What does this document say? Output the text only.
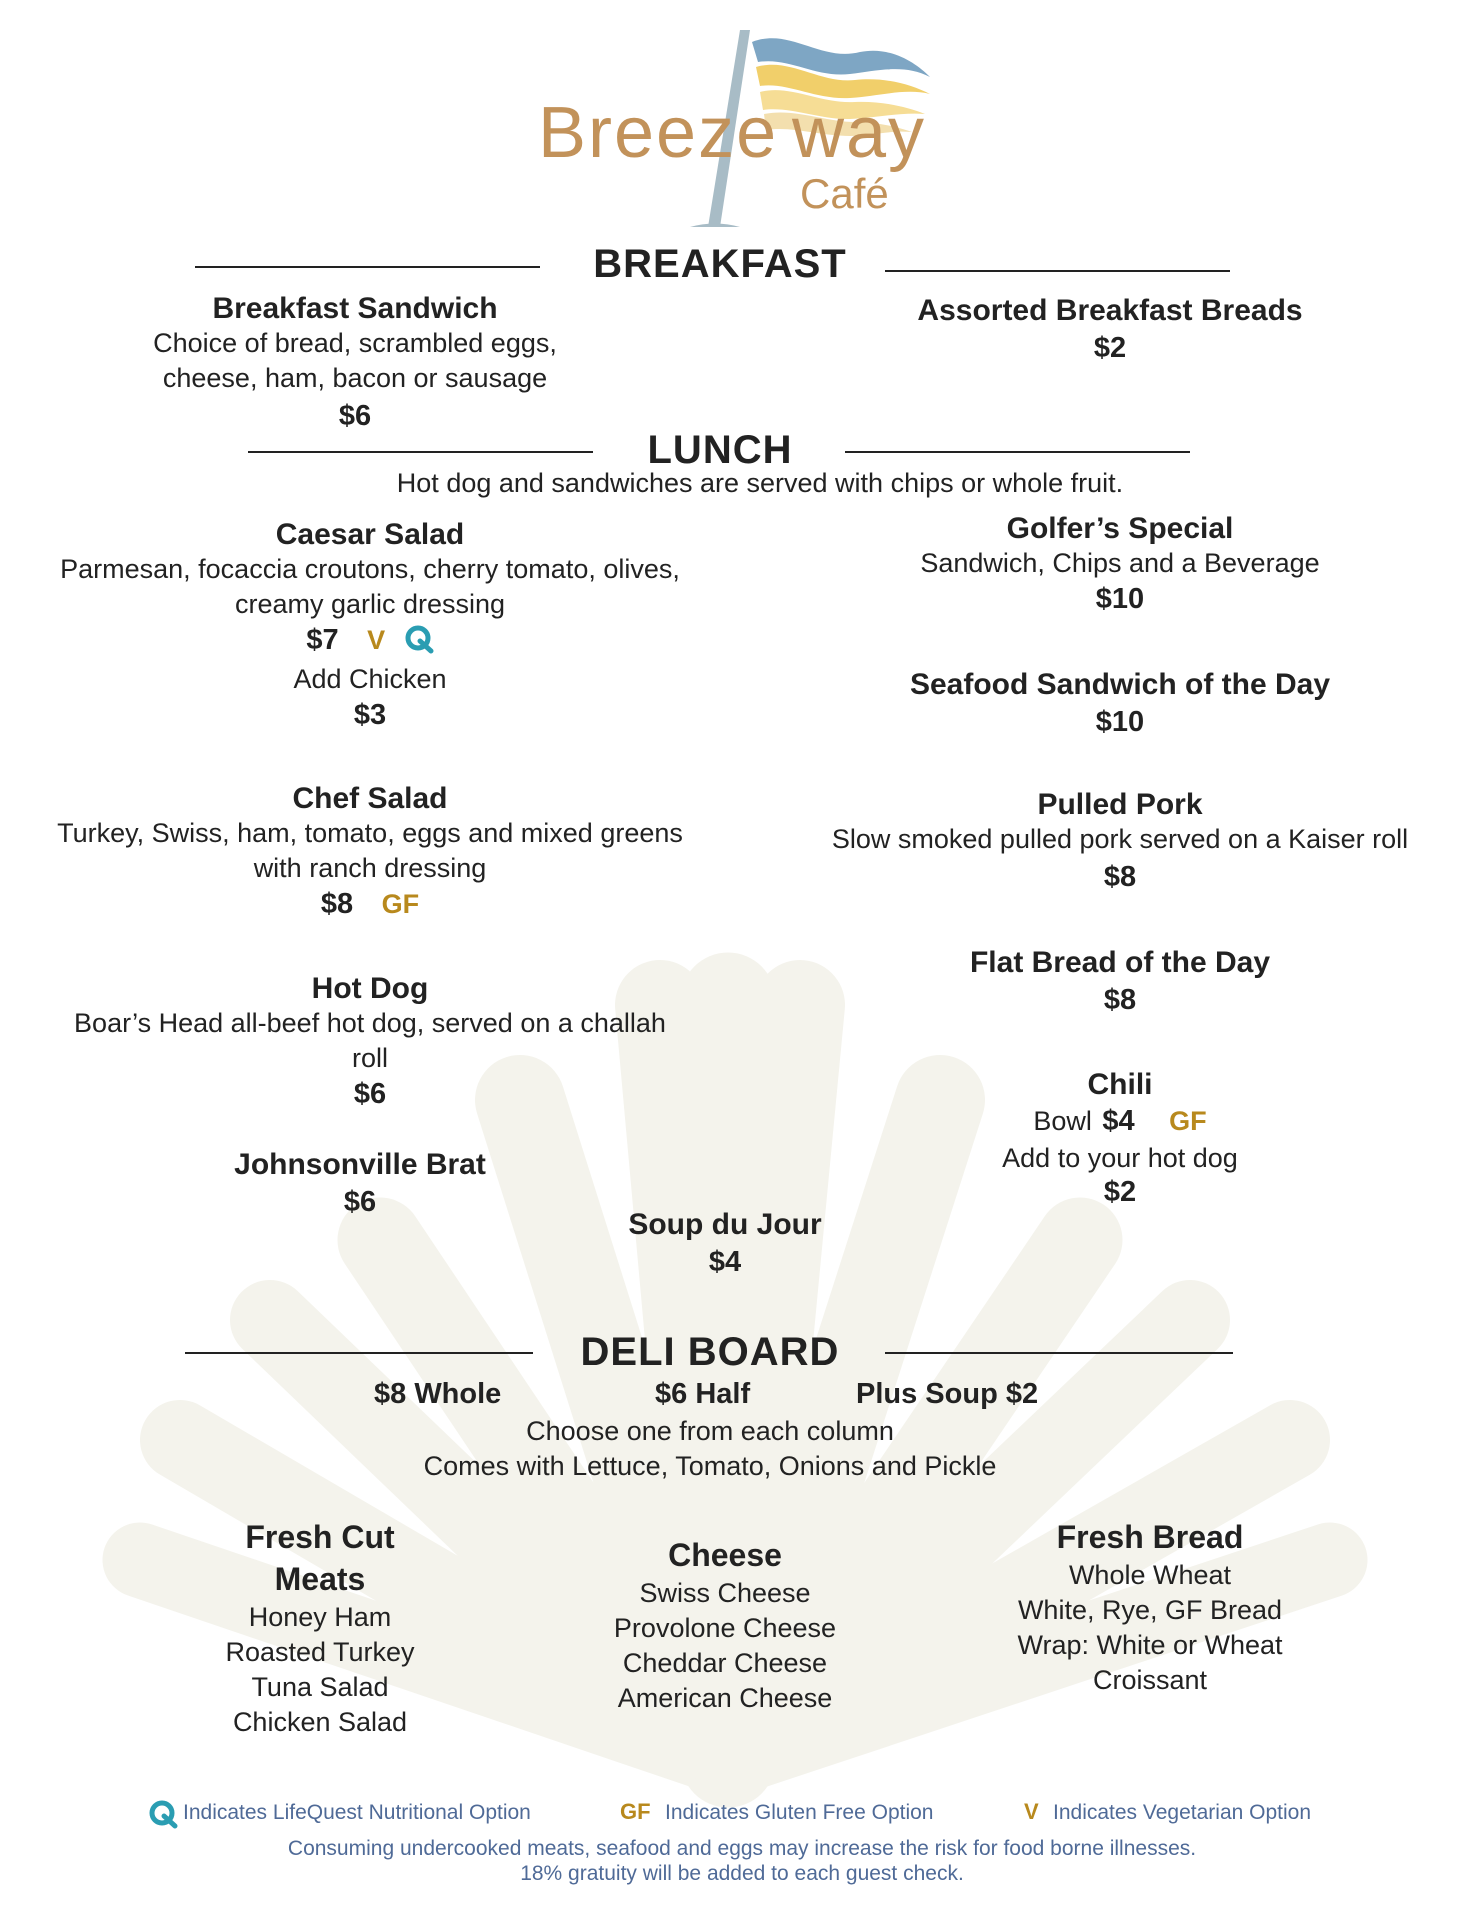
Breeze way
Café
BREAKFAST
Breakfast Sandwich
Choice of bread, scrambled eggs,
cheese, ham, bacon or sausage
$6
Assorted Breakfast Breads
$2
LUNCH
Hot dog and sandwiches are served with chips or whole fruit.
Caesar Salad
Parmesan, focaccia croutons, cherry tomato, olives,
creamy garlic dressing
$7 V
Add Chicken
$3
Chef Salad
Turkey, Swiss, ham, tomato, eggs and mixed greens
with ranch dressing
$8 GF
Hot Dog
Boar’s Head all-beef hot dog, served on a challah
roll
$6
Johnsonville Brat
$6
Soup du Jour
$4
Golfer’s Special
Sandwich, Chips and a Beverage
$10
Seafood Sandwich of the Day
$10
Pulled Pork
Slow smoked pulled pork served on a Kaiser roll
$8
Flat Bread of the Day
$8
Chili
Bowl $4 GF
Add to your hot dog
$2
DELI BOARD
$8 Whole	$6 Half	Plus Soup $2
Choose one from each column
Comes with Lettuce, Tomato, Onions and Pickle
Fresh Cut
Meats
Honey Ham
Roasted Turkey
Tuna Salad
Chicken Salad
Cheese
Swiss Cheese
Provolone Cheese
Cheddar Cheese
American Cheese
Fresh Bread
Whole Wheat
White, Rye, GF Bread
Wrap: White or Wheat
Croissant
Indicates LifeQuest Nutritional Option	GF Indicates Gluten Free Option	V Indicates Vegetarian Option
Consuming undercooked meats, seafood and eggs may increase the risk for food borne illnesses.
18% gratuity will be added to each guest check.
